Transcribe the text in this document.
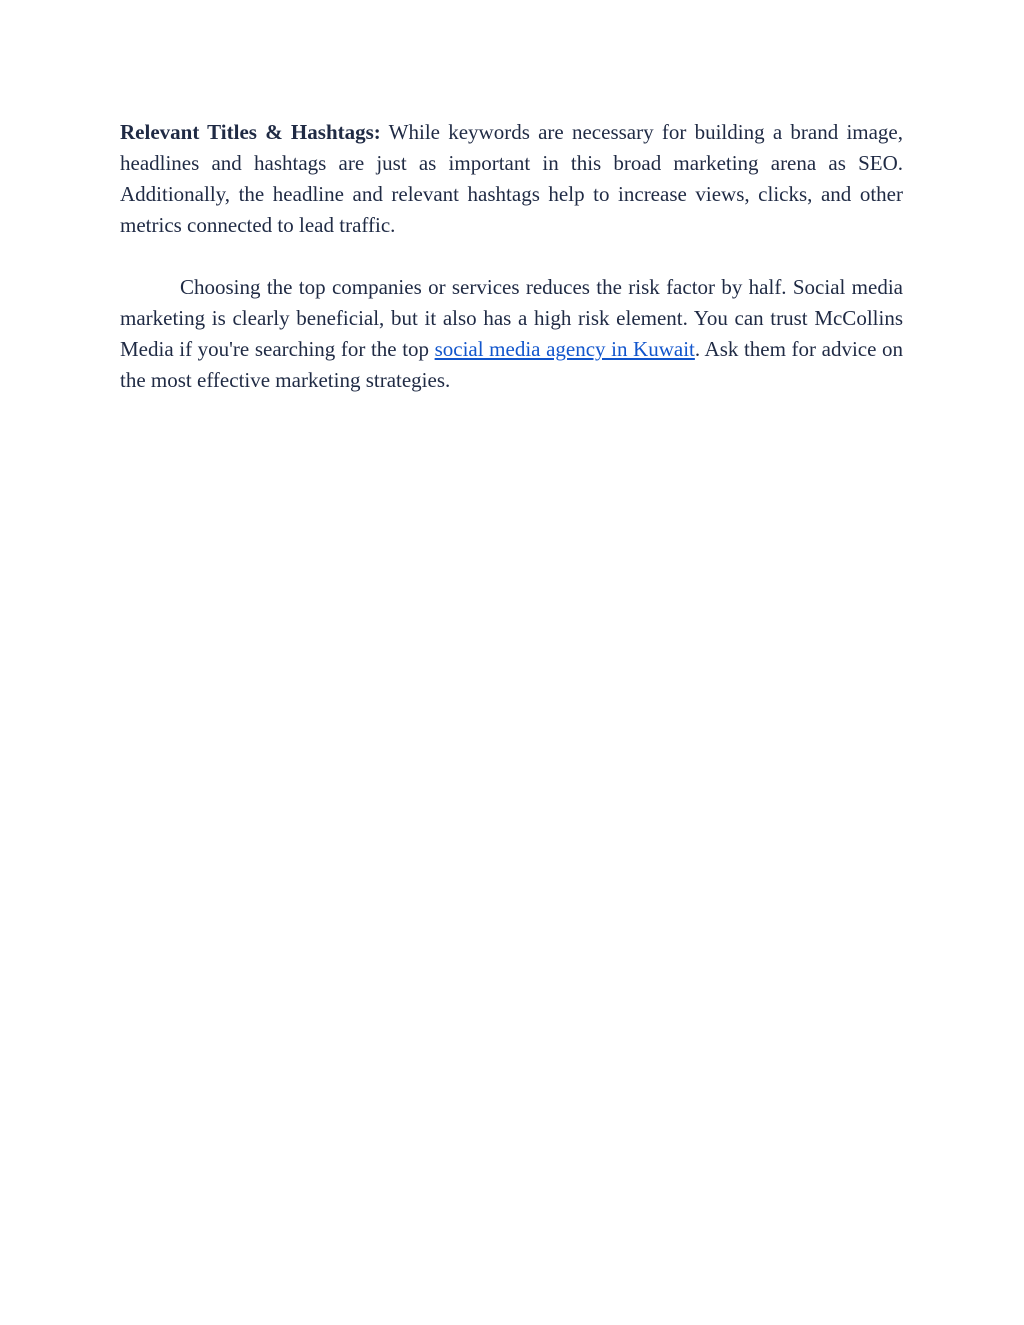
Relevant Titles & Hashtags: While keywords are necessary for building a brand image, headlines and hashtags are just as important in this broad marketing arena as SEO. Additionally, the headline and relevant hashtags help to increase views, clicks, and other metrics connected to lead traffic.

Choosing the top companies or services reduces the risk factor by half. Social media marketing is clearly beneficial, but it also has a high risk element. You can trust McCollins Media if you're searching for the top social media agency in Kuwait. Ask them for advice on the most effective marketing strategies.
